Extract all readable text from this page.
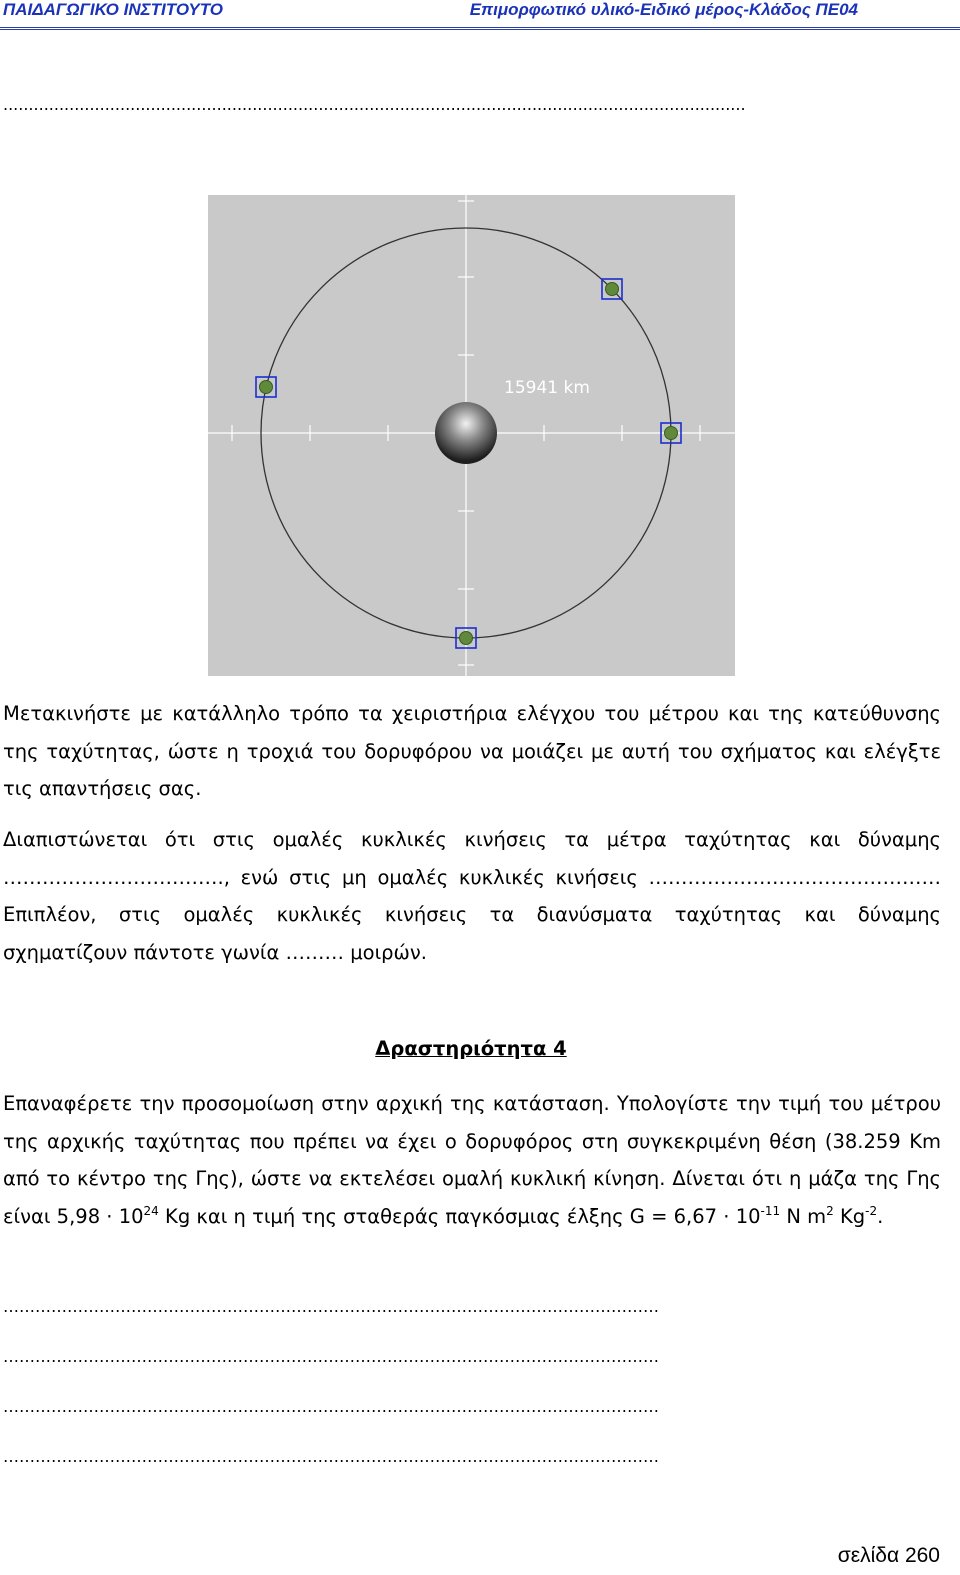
ΠΑΙΔΑΓΩΓΙΚΟ ΙΝΣΤΙΤΟΥΤΟ	Επιμορφωτικό υλικό-Ειδικό μέρος-Κλάδος ΠΕ04
..................................................................................................................................................
15941 km

Μετακινήστε με κατάλληλο τρόπο τα χειριστήρια ελέγχου του μέτρου και της κατεύθυνσης της ταχύτητας, ώστε η τροχιά του δορυφόρου να μοιάζει με αυτή του σχήματος και ελέγξτε τις απαντήσεις σας.

Διαπιστώνεται ότι στις ομαλές κυκλικές κινήσεις τα μέτρα ταχύτητας και δύναμης

……………………………., ενώ στις μη ομαλές κυκλικές κινήσεις ………………………………………

Επιπλέον, στις ομαλές κυκλικές κινήσεις τα διανύσματα ταχύτητας και δύναμης

σχηματίζουν πάντοτε γωνία ……… μοιρών.

Δραστηριότητα 4

Επαναφέρετε την προσομοίωση στην αρχική της κατάσταση. Υπολογίστε την τιμή του μέτρου της αρχικής ταχύτητας που πρέπει να έχει ο δορυφόρος στη συγκεκριμένη θέση (38.259 Km από το κέντρο της Γης), ώστε να εκτελέσει ομαλή κυκλική κίνηση. Δίνεται ότι η μάζα της Γης είναι $5,98 \cdot 10^{24}$ Kg και η τιμή της σταθεράς παγκόσμιας έλξης $G = 6,67 \cdot 10^{-11}$ N $m^2$ $Kg^{-2}$.

……………………………………………………………………………………………………………
……………………………………………………………………………………………………………
……………………………………………………………………………………………………………
……………………………………………………………………………………………………………
σελίδα 260
